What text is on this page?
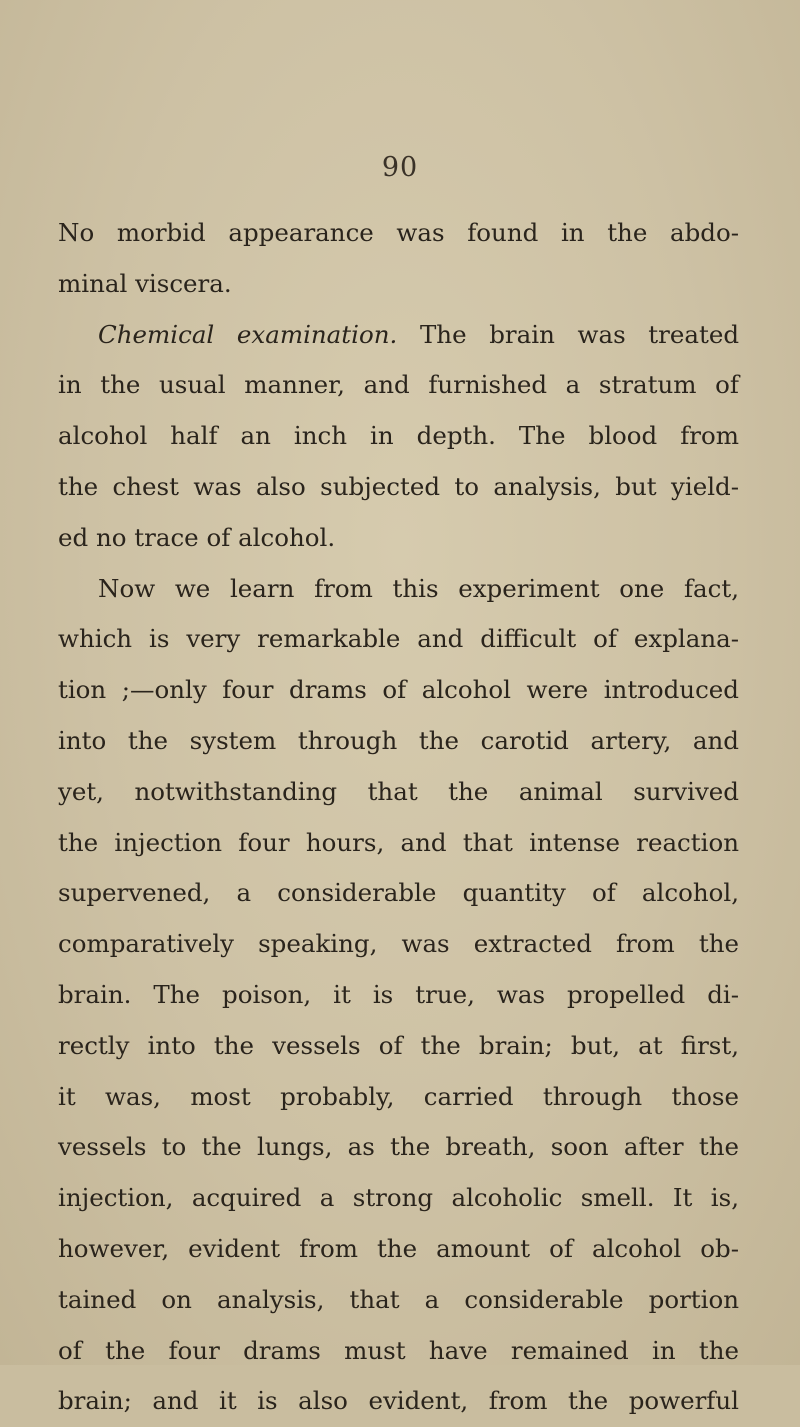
90
No morbid appearance was found in the abdo-
minal viscera.
Chemical examination. The brain was treated
in the usual manner, and furnished a stratum of
alcohol half an inch in depth. The blood from
the chest was also subjected to analysis, but yield-
ed no trace of alcohol.
Now we learn from this experiment one fact,
which is very remarkable and difficult of explana-
tion ;—only four drams of alcohol were introduced
into the system through the carotid artery, and
yet, notwithstanding that the animal survived
the injection four hours, and that intense reaction
supervened, a considerable quantity of alcohol,
comparatively speaking, was extracted from the
brain. The poison, it is true, was propelled di-
rectly into the vessels of the brain; but, at first,
it was, most probably, carried through those
vessels to the lungs, as the breath, soon after the
injection, acquired a strong alcoholic smell. It is,
however, evident from the amount of alcohol ob-
tained on analysis, that a considerable portion
of the four drams must have remained in the
brain; and it is also evident, from the powerful
